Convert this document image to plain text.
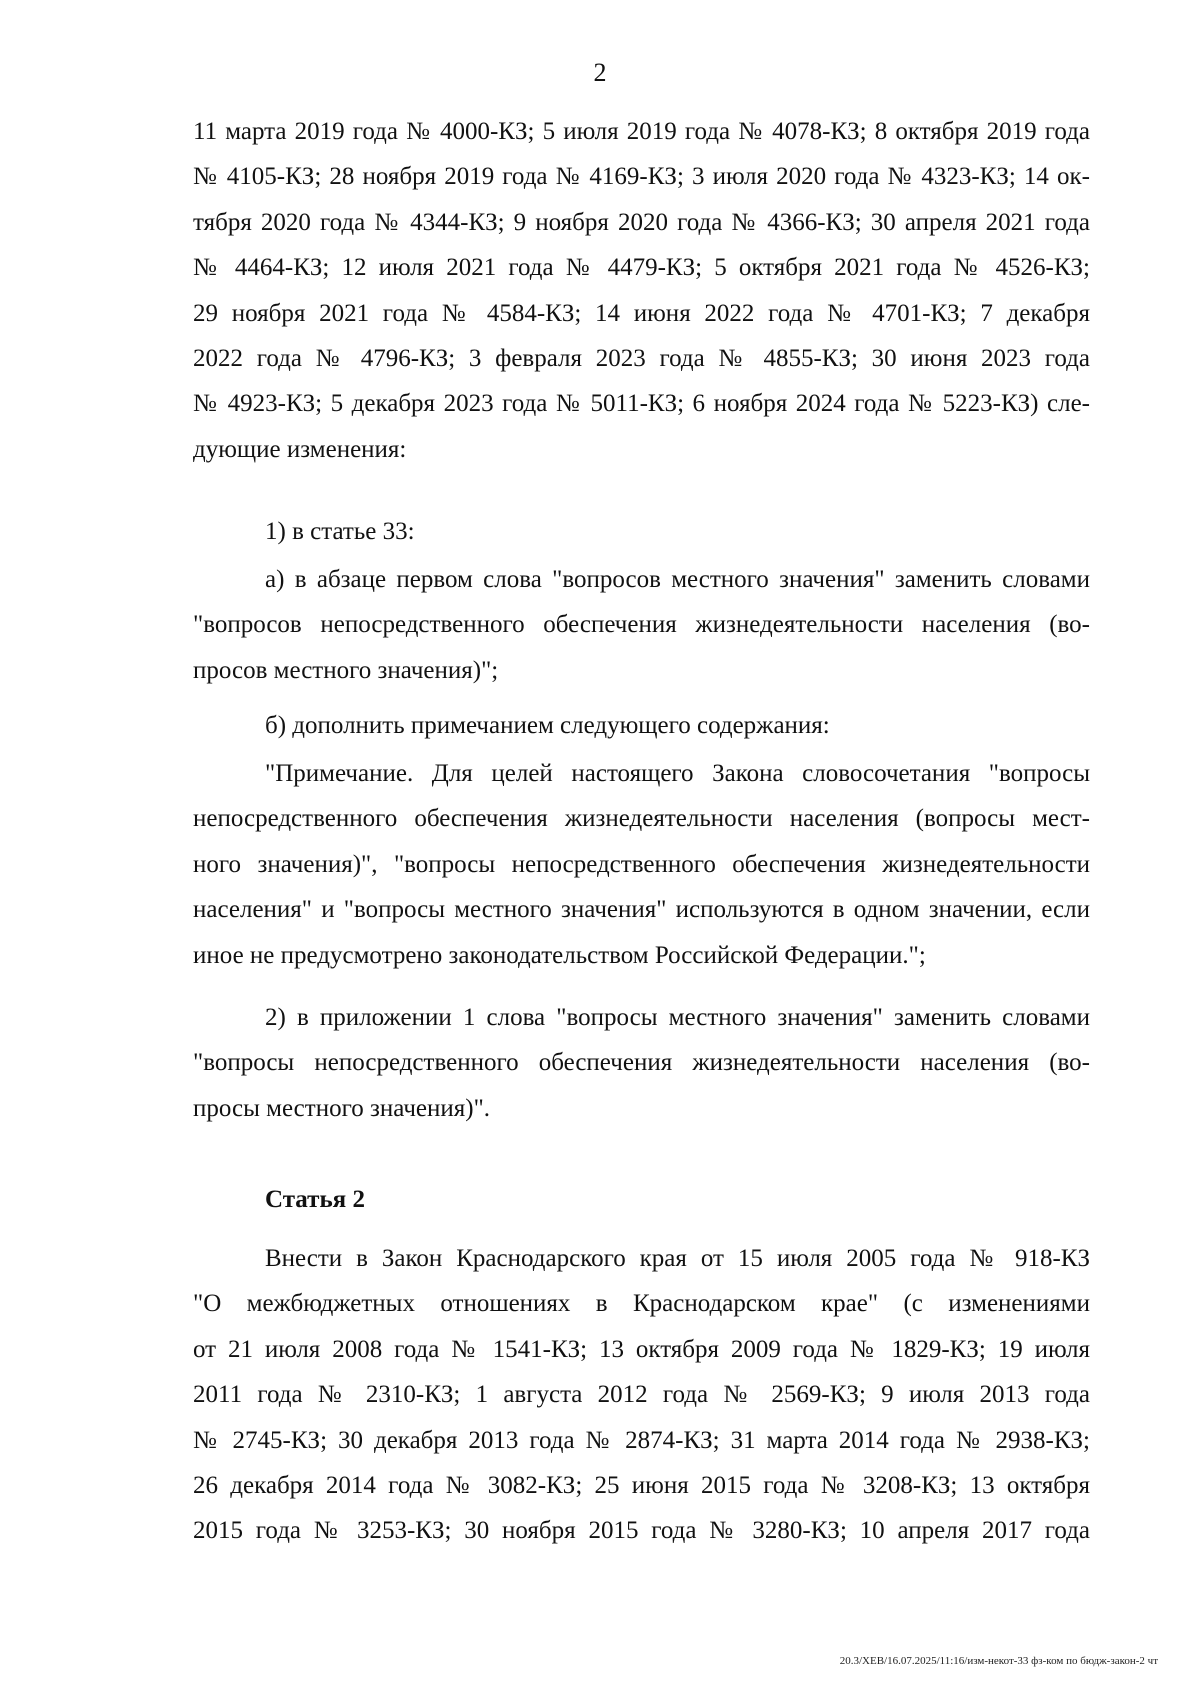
2
11 марта 2019 года № 4000-КЗ; 5 июля 2019 года № 4078-КЗ; 8 октября 2019 года
№ 4105-КЗ; 28 ноября 2019 года № 4169-КЗ; 3 июля 2020 года № 4323-КЗ; 14 ок-
тября 2020 года № 4344-КЗ; 9 ноября 2020 года № 4366-КЗ; 30 апреля 2021 года
№ 4464-КЗ; 12 июля 2021 года № 4479-КЗ; 5 октября 2021 года № 4526-КЗ;
29 ноября 2021 года № 4584-КЗ; 14 июня 2022 года № 4701-КЗ; 7 декабря
2022 года № 4796-КЗ; 3 февраля 2023 года № 4855-КЗ; 30 июня 2023 года
№ 4923-КЗ; 5 декабря 2023 года № 5011-КЗ; 6 ноября 2024 года № 5223-КЗ) сле-
дующие изменения:
1) в статье 33:
а) в абзаце первом слова "вопросов местного значения" заменить словами
"вопросов непосредственного обеспечения жизнедеятельности населения (во-
просов местного значения)";
б) дополнить примечанием следующего содержания:
"Примечание. Для целей настоящего Закона словосочетания "вопросы
непосредственного обеспечения жизнедеятельности населения (вопросы мест-
ного значения)", "вопросы непосредственного обеспечения жизнедеятельности
населения" и "вопросы местного значения" используются в одном значении, если
иное не предусмотрено законодательством Российской Федерации.";
2) в приложении 1 слова "вопросы местного значения" заменить словами
"вопросы непосредственного обеспечения жизнедеятельности населения (во-
просы местного значения)".
Статья 2
Внести в Закон Краснодарского края от 15 июля 2005 года № 918-КЗ
"О межбюджетных отношениях в Краснодарском крае" (с изменениями
от 21 июля 2008 года № 1541-КЗ; 13 октября 2009 года № 1829-КЗ; 19 июля
2011 года № 2310-КЗ; 1 августа 2012 года № 2569-КЗ; 9 июля 2013 года
№ 2745-КЗ; 30 декабря 2013 года № 2874-КЗ; 31 марта 2014 года № 2938-КЗ;
26 декабря 2014 года № 3082-КЗ; 25 июня 2015 года № 3208-КЗ; 13 октября
2015 года № 3253-КЗ; 30 ноября 2015 года № 3280-КЗ; 10 апреля 2017 года
20.3/ХЕВ/16.07.2025/11:16/изм-некот-33 фз-ком по бюдж-закон-2 чт
